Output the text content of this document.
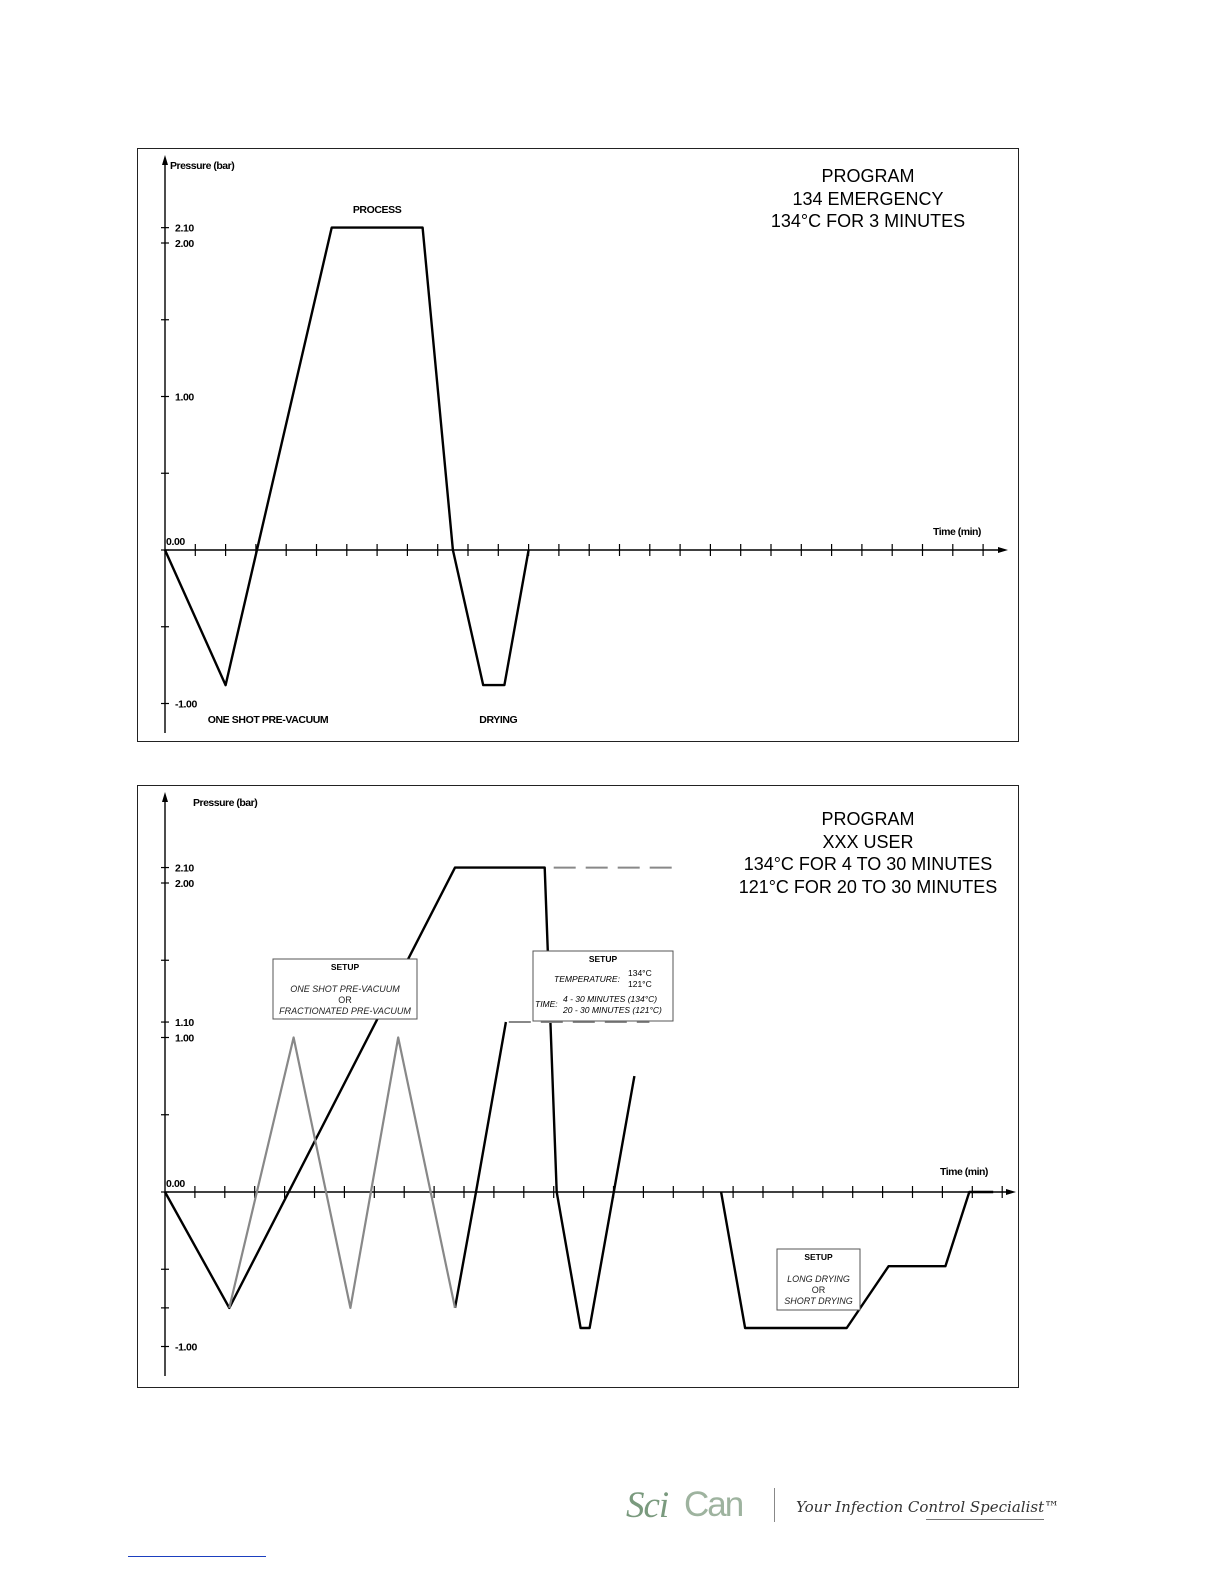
Pressure (bar)
Time (min)
2.10
2.00
1.00
0.00
-1.00
PROCESS
ONE SHOT PRE-VACUUM	DRYING
PROGRAM
134 EMERGENCY
134°C FOR 3 MINUTES
Pressure (bar)
Time (min)
2.10
2.00
1.10
1.00
0.00
-1.00
SETUP
ONE SHOT PRE-VACUUM
OR
FRACTIONATED PRE-VACUUM
SETUP
TEMPERATURE:
134°C
121°C
TIME: 4 - 30 MINUTES (134°C)
20 - 30 MINUTES (121°C)
SETUP
LONG DRYING
OR
SHORT DRYING
PROGRAM
XXX USER
134°C FOR 4 TO 30 MINUTES
121°C FOR 20 TO 30 MINUTES
Sci Can	Your Infection Control Specialist™
